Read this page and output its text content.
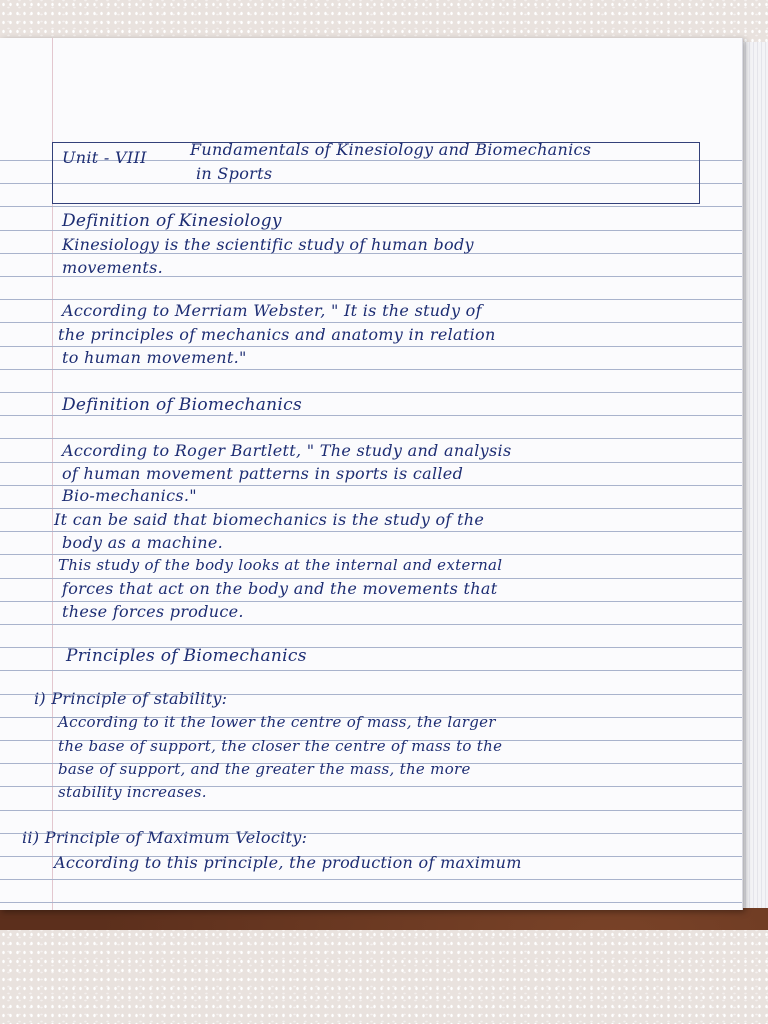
Unit - VIII	Fundamentals of Kinesiology and Biomechanics
in Sports
Definition of Kinesiology
Kinesiology is the scientific study of human body
movements.
According to Merriam Webster, " It is the study of
the principles of mechanics and anatomy in relation
to human movement."
Definition of Biomechanics
According to Roger Bartlett, " The study and analysis
of human movement patterns in sports is called
Bio-mechanics."
It can be said that biomechanics is the study of the
body as a machine.
This study of the body looks at the internal and external
forces that act on the body and the movements that
these forces produce.
Principles of Biomechanics
i) Principle of stability:
According to it the lower the centre of mass, the larger
the base of support, the closer the centre of mass to the
base of support, and the greater the mass, the more
stability increases.
ii) Principle of Maximum Velocity:
According to this principle, the production of maximum
